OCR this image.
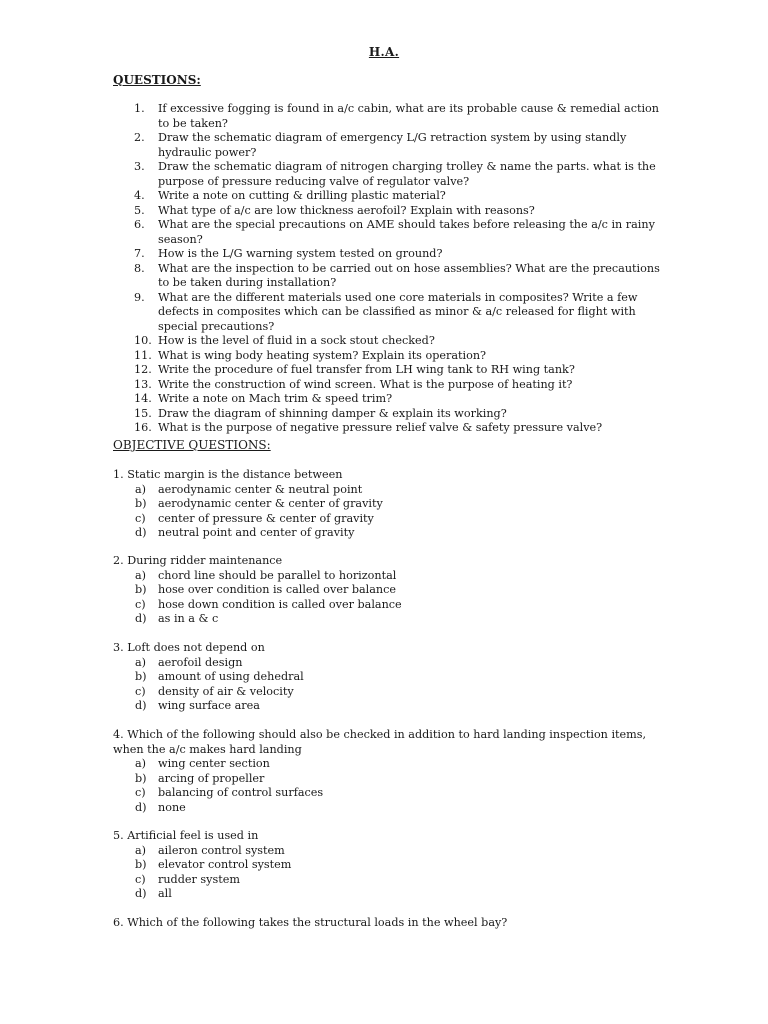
H.A.
QUESTIONS:
1.	If excessive fogging is found in a/c cabin, what are its probable cause & remedial action to be taken?
2.	Draw the schematic diagram of emergency L/G retraction system by using standly hydraulic power?
3.	Draw the schematic diagram of nitrogen charging trolley & name the parts. what is the purpose of pressure reducing valve of regulator valve?
4.	Write a note on cutting & drilling plastic material?
5.	What type of a/c are low thickness aerofoil? Explain with reasons?
6.	What are the special precautions on AME should takes before releasing the a/c in rainy season?
7.	How is the L/G warning system tested on ground?
8.	What are the inspection to be carried out on hose assemblies? What are the precautions to be taken during installation?
9.	What are the different materials used one core materials in composites? Write a few defects in composites which can be classified as minor & a/c released for flight with special precautions?
10. How is the level of fluid in a sock stout checked?
11. What is wing body heating system? Explain its operation?
12. Write the procedure of fuel transfer from LH wing tank to RH wing tank?
13. Write the construction of wind screen. What is the purpose of heating it?
14. Write a note on Mach trim & speed trim?
15. Draw the diagram of shinning damper & explain its working?
16. What is the purpose of negative pressure relief valve & safety pressure valve?
OBJECTIVE QUESTIONS:
1. Static margin is the distance between
a)	aerodynamic center & neutral point
b)	aerodynamic center & center of gravity
c)	center of pressure & center of gravity
d)	neutral point and center of gravity
2. During ridder maintenance
a)	chord line should be parallel to horizontal
b)	hose over condition is called over balance
c)	hose down condition is called over balance
d)	as in a & c
3. Loft does not depend on
a)	aerofoil design
b)	amount of using dehedral
c)	density of air & velocity
d)	wing surface area
4. Which of the following should also be checked in addition to hard landing inspection items, when the a/c makes hard landing
a)	wing center section
b)	arcing of propeller
c)	balancing of control surfaces
d)	none
5. Artificial feel is used in
a)	aileron control system
b)	elevator control system
c)	rudder system
d)	all
6. Which of the following takes the structural loads in the wheel bay?
